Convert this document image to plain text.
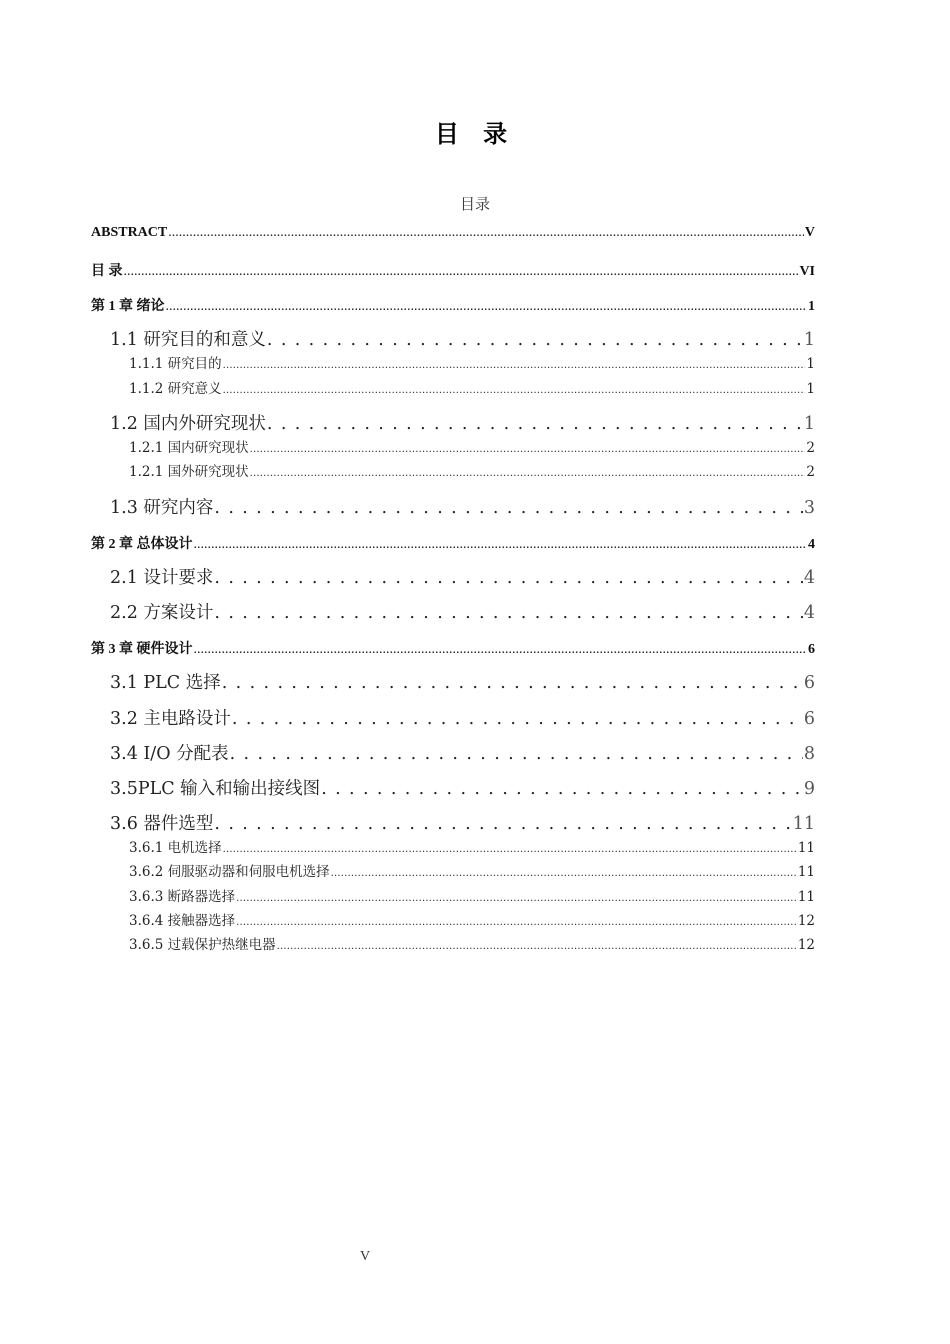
目 录
目录
ABSTRACT .....	V
目 录 .....	VI
第 1 章 绪论 .....	1
1.1 研究目的和意义 . . .	1
1.1.1 研究目的 .....	1
1.1.2 研究意义 .....	1
1.2 国内外研究现状 . . .	1
1.2.1 国内研究现状 .....	2
1.2.1 国外研究现状 .....	2
1.3 研究内容 . . .	3
第 2 章 总体设计 .....	4
2.1 设计要求 . . .	4
2.2 方案设计 . . .	4
第 3 章 硬件设计 .....	6
3.1 PLC 选择 . . .	6
3.2 主电路设计 . . .	6
3.4 I/O 分配表 . . .	8
3.5PLC 输入和输出接线图 . . .	9
3.6 器件选型 . . .	11
3.6.1 电机选择 .....	11
3.6.2 伺服驱动器和伺服电机选择 .....	11
3.6.3 断路器选择 .....	11
3.6.4 接触器选择 .....	12
3.6.5 过载保护热继电器 .....	12
V
